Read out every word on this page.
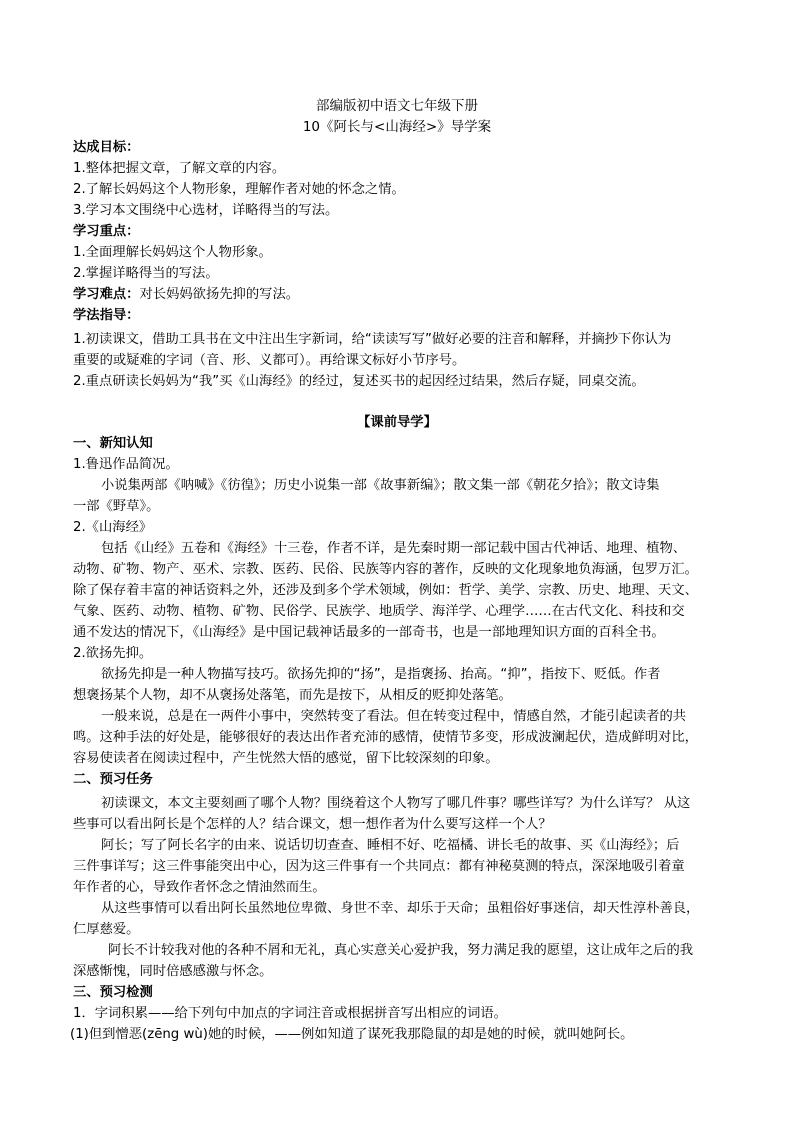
部编版初中语文七年级下册
10《阿长与<山海经>》导学案
达成目标：
1.整体把握文章，了解文章的内容。
2.了解长妈妈这个人物形象，理解作者对她的怀念之情。
3.学习本文围绕中心选材，详略得当的写法。
学习重点：
1.全面理解长妈妈这个人物形象。
2.掌握详略得当的写法。
学习难点：对长妈妈欲扬先抑的写法。
学法指导：
1.初读课文，借助工具书在文中注出生字新词，给“读读写写”做好必要的注音和解释，并摘抄下你认为
重要的或疑难的字词（音、形、义都可）。再给课文标好小节序号。
2.重点研读长妈妈为“我”买《山海经》的经过，复述买书的起因经过结果，然后存疑，同桌交流。
【课前导学】
一、新知认知
1.鲁迅作品简况。
小说集两部《呐喊》《彷徨》；历史小说集一部《故事新编》；散文集一部《朝花夕拾》；散文诗集
一部《野草》。
2.《山海经》
包括《山经》五卷和《海经》十三卷，作者不详，是先秦时期一部记载中国古代神话、地理、植物、
动物、矿物、物产、巫术、宗教、医药、民俗、民族等内容的著作，反映的文化现象地负海涵，包罗万汇。
除了保存着丰富的神话资料之外，还涉及到多个学术领域，例如：哲学、美学、宗教、历史、地理、天文、
气象、医药、动物、植物、矿物、民俗学、民族学、地质学、海洋学、心理学……在古代文化、科技和交
通不发达的情况下，《山海经》是中国记载神话最多的一部奇书，也是一部地理知识方面的百科全书。
2.欲扬先抑。
欲扬先抑是一种人物描写技巧。欲扬先抑的“扬”，是指褒扬、抬高。“抑”，指按下、贬低。作者
想褒扬某个人物，却不从褒扬处落笔，而先是按下，从相反的贬抑处落笔。
一般来说，总是在一两件小事中，突然转变了看法。但在转变过程中，情感自然，才能引起读者的共
鸣。这种手法的好处是，能够很好的表达出作者充沛的感情，使情节多变，形成波澜起伏，造成鲜明对比，
容易使读者在阅读过程中，产生恍然大悟的感觉，留下比较深刻的印象。
二、预习任务
初读课文，本文主要刻画了哪个人物？围绕着这个人物写了哪几件事？哪些详写？为什么详写？ 从这
些事可以看出阿长是个怎样的人？结合课文，想一想作者为什么要写这样一个人？
阿长；写了阿长名字的由来、说话切切查查、睡相不好、吃福橘、讲长毛的故事、买《山海经》；后
三件事详写；这三件事能突出中心，因为这三件事有一个共同点：都有神秘莫测的特点，深深地吸引着童
年作者的心，导致作者怀念之情油然而生。
从这些事情可以看出阿长虽然地位卑微、身世不幸、却乐于天命；虽粗俗好事迷信，却天性淳朴善良，
仁厚慈爱。
阿长不计较我对他的各种不屑和无礼，真心实意关心爱护我，努力满足我的愿望，这让成年之后的我
深感惭愧，同时倍感感激与怀念。
三、预习检测
1．字词积累——给下列句中加点的字词注音或根据拼音写出相应的词语。
(1)但到憎恶(zēng wù)她的时候，——例如知道了谋死我那隐鼠的却是她的时候，就叫她阿长。
